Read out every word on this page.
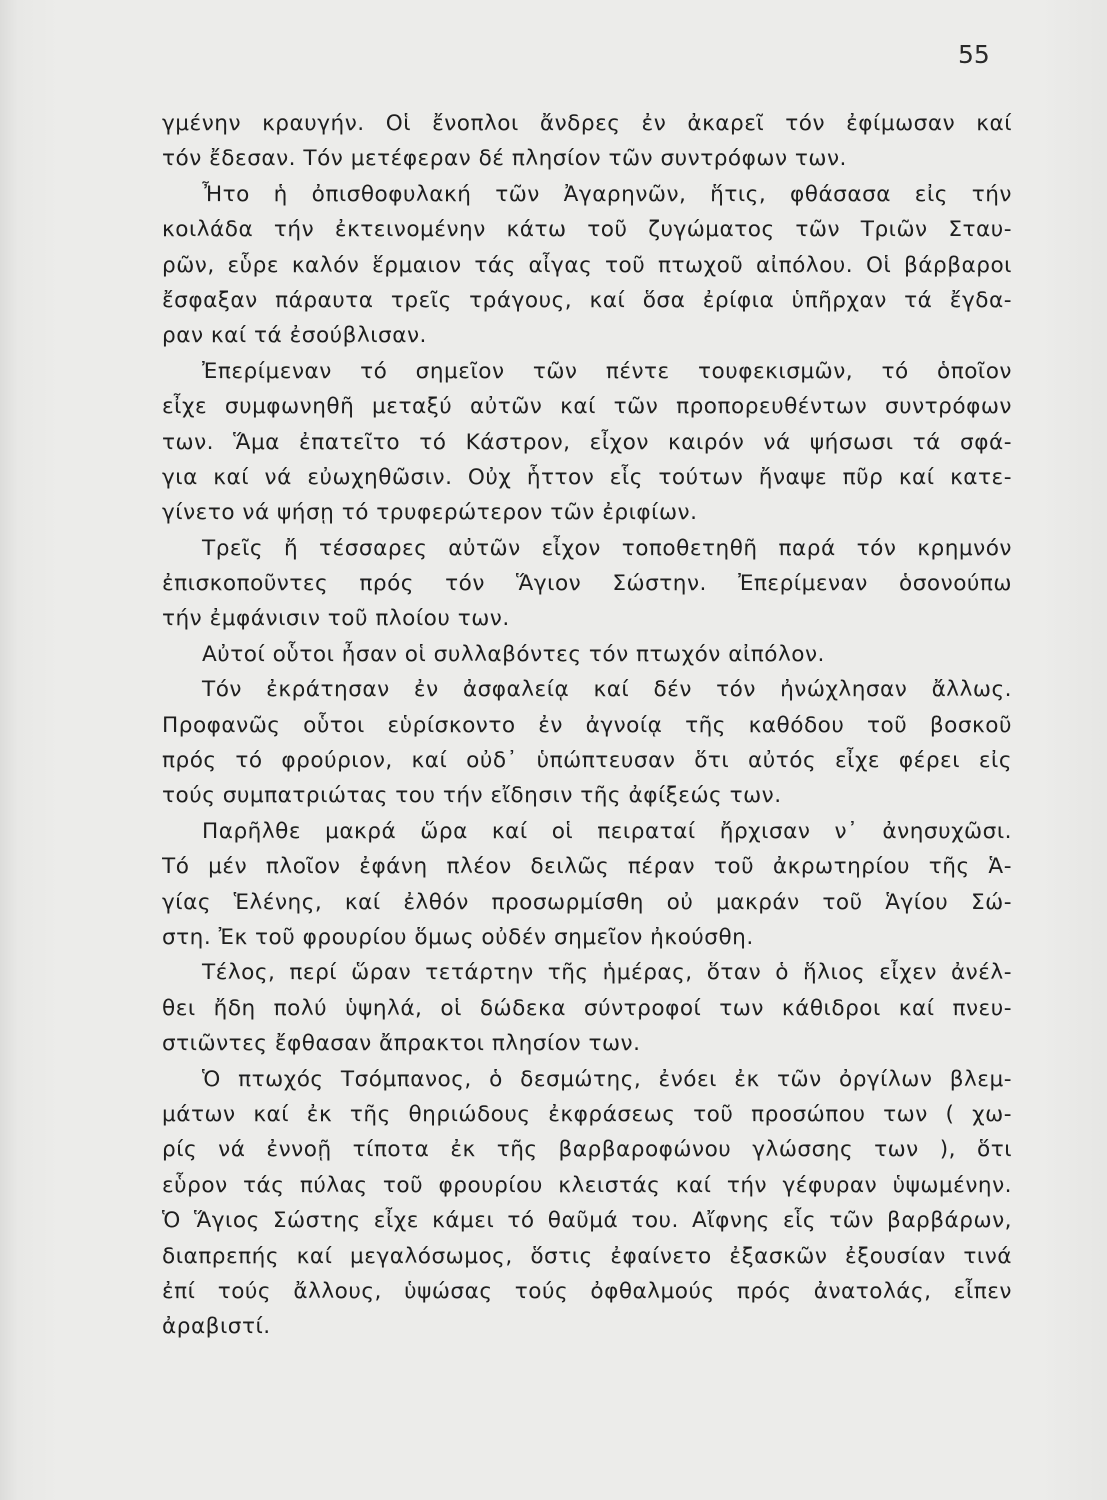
55
γμένην κραυγήν. Οἱ ἔνοπλοι ἄνδρες ἐν ἀκαρεῖ τόν ἐφίμωσαν καί
τόν ἔδεσαν. Τόν μετέφεραν δέ πλησίον τῶν συντρόφων των.
Ἦτο ἡ ὀπισθοφυλακή τῶν Ἀγαρηνῶν, ἥτις, φθάσασα εἰς τήν
κοιλάδα τήν ἐκτεινομένην κάτω τοῦ ζυγώματος τῶν Τριῶν Σταυ-
ρῶν, εὗρε καλόν ἕρμαιον τάς αἶγας τοῦ πτωχοῦ αἰπόλου. Οἱ βάρβαροι
ἔσφαξαν πάραυτα τρεῖς τράγους, καί ὅσα ἐρίφια ὑπῆρχαν τά ἔγδα-
ραν καί τά ἐσούβλισαν.
Ἐπερίμεναν τό σημεῖον τῶν πέντε τουφεκισμῶν, τό ὁποῖον
εἶχε συμφωνηθῆ μεταξύ αὐτῶν καί τῶν προπορευθέντων συντρόφων
των. Ἅμα ἐπατεῖτο τό Κάστρον, εἶχον καιρόν νά ψήσωσι τά σφά-
για καί νά εὐωχηθῶσιν. Οὐχ ἧττον εἷς τούτων ἤναψε πῦρ καί κατε-
γίνετο νά ψήσῃ τό τρυφερώτερον τῶν ἐριφίων.
Τρεῖς ἤ τέσσαρες αὐτῶν εἶχον τοποθετηθῆ παρά τόν κρημνόν
ἐπισκοποῦντες πρός τόν Ἅγιον Σώστην. Ἐπερίμεναν ὁσονούπω
τήν ἐμφάνισιν τοῦ πλοίου των.
Αὐτοί οὗτοι ἦσαν οἱ συλλαβόντες τόν πτωχόν αἰπόλον.
Τόν ἐκράτησαν ἐν ἀσφαλείᾳ καί δέν τόν ἠνώχλησαν ἄλλως.
Προφανῶς οὗτοι εὑρίσκοντο ἐν ἀγνοίᾳ τῆς καθόδου τοῦ βοσκοῦ
πρός τό φρούριον, καί οὐδ᾽ ὑπώπτευσαν ὅτι αὐτός εἶχε φέρει εἰς
τούς συμπατριώτας του τήν εἴδησιν τῆς ἀφίξεώς των.
Παρῆλθε μακρά ὥρα καί οἱ πειραταί ἤρχισαν ν᾽ ἀνησυχῶσι.
Τό μέν πλοῖον ἐφάνη πλέον δειλῶς πέραν τοῦ ἀκρωτηρίου τῆς Ἁ-
γίας Ἑλένης, καί ἐλθόν προσωρμίσθη οὐ μακράν τοῦ Ἁγίου Σώ-
στη. Ἐκ τοῦ φρουρίου ὅμως οὐδέν σημεῖον ἠκούσθη.
Τέλος, περί ὥραν τετάρτην τῆς ἡμέρας, ὅταν ὁ ἥλιος εἶχεν ἀνέλ-
θει ἤδη πολύ ὑψηλά, οἱ δώδεκα σύντροφοί των κάθιδροι καί πνευ-
στιῶντες ἔφθασαν ἄπρακτοι πλησίον των.
Ὁ πτωχός Τσόμπανος, ὁ δεσμώτης, ἐνόει ἐκ τῶν ὀργίλων βλεμ-
μάτων καί ἐκ τῆς θηριώδους ἐκφράσεως τοῦ προσώπου των ( χω-
ρίς νά ἐννοῇ τίποτα ἐκ τῆς βαρβαροφώνου γλώσσης των ), ὅτι
εὗρον τάς πύλας τοῦ φρουρίου κλειστάς καί τήν γέφυραν ὑψωμένην.
Ὁ Ἅγιος Σώστης εἶχε κάμει τό θαῦμά του. Αἴφνης εἷς τῶν βαρβάρων,
διαπρεπής καί μεγαλόσωμος, ὅστις ἐφαίνετο ἐξασκῶν ἐξουσίαν τινά
ἐπί τούς ἄλλους, ὑψώσας τούς ὀφθαλμούς πρός ἀνατολάς, εἶπεν
ἀραβιστί.
